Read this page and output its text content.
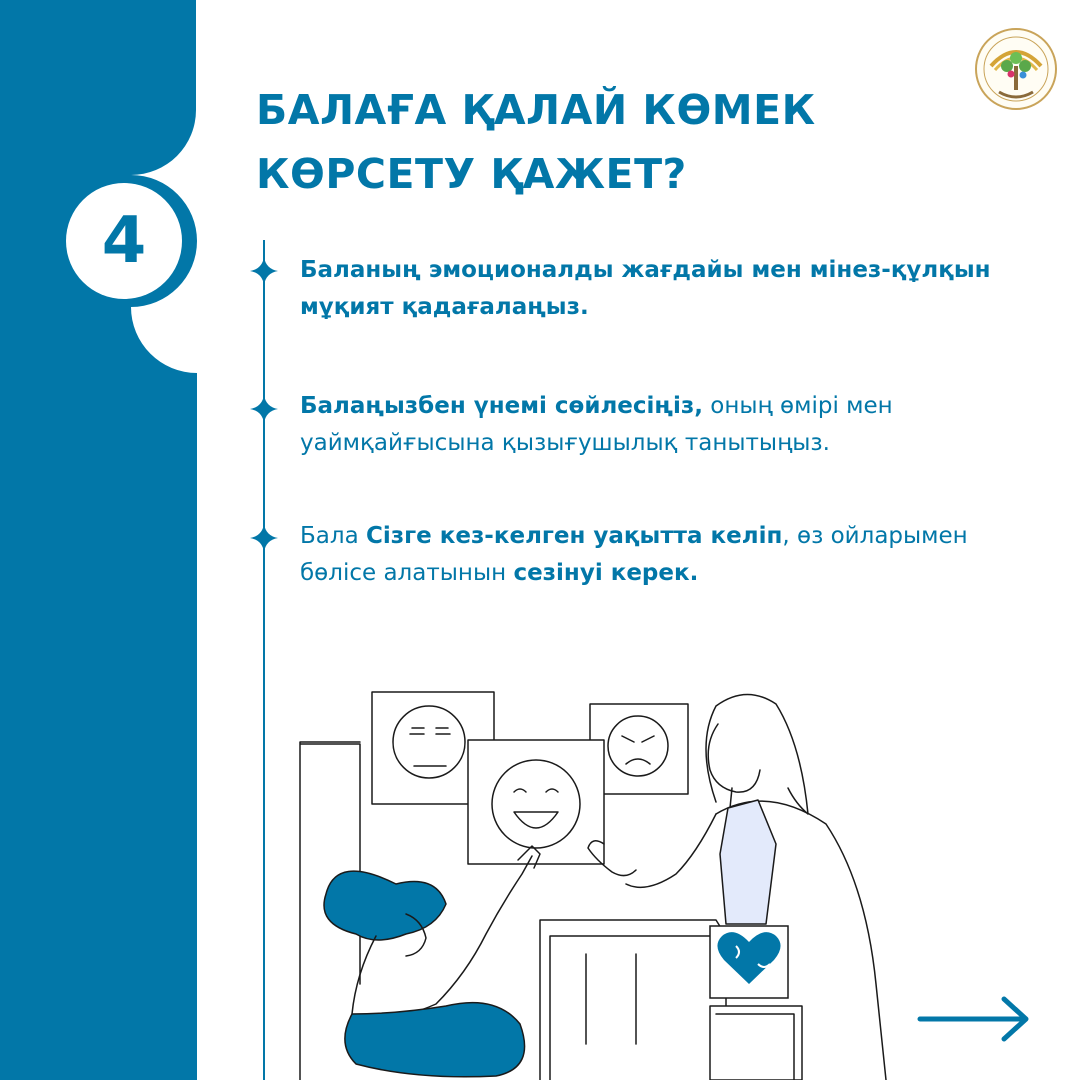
4
БАЛАҒА ҚАЛАЙ КӨМЕК
КӨРСЕТУ ҚАЖЕТ?
Баланың эмоционалды жағдайы мен мінез-құлқын мұқият қадағалаңыз.
Балаңызбен үнемі сөйлесіңіз, оның өмірі мен уаймқайғысына қызығушылық танытыңыз.
Бала Сізге кез-келген уақытта келіп, өз ойларымен бөлісе алатынын сезінуі керек.
